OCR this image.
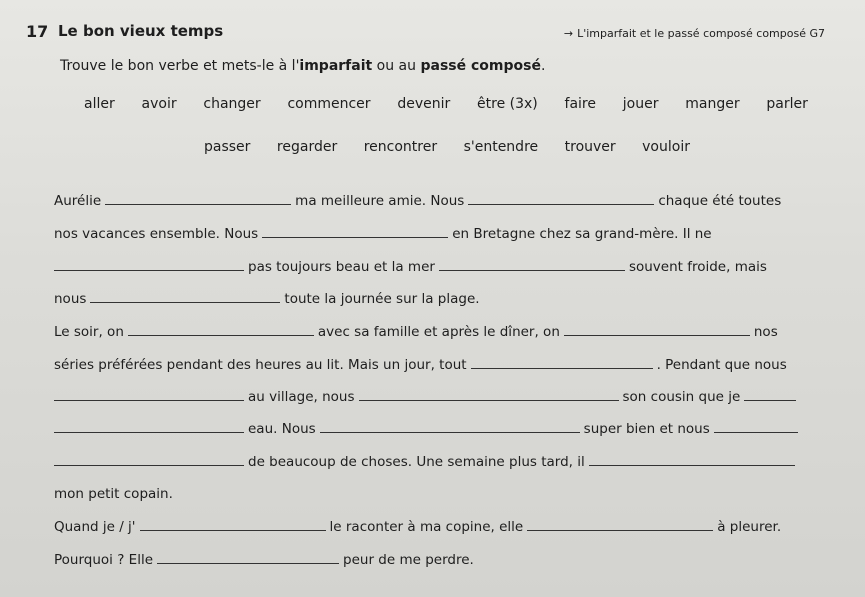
17 Le bon vieux temps	→ L'imparfait et le passé composé composé G7
Trouve le bon verbe et mets-le à l'imparfait ou au passé composé.
aller avoir changer commencer devenir être (3x) faire jouer manger parler
passer regarder rencontrer s'entendre trouver vouloir
Aurélie	ma meilleure amie. Nous	chaque été toutes
nos vacances ensemble. Nous	en Bretagne chez sa grand-mère. Il ne
pas toujours beau et la mer	souvent froide, mais
nous	toute la journée sur la plage.
Le soir, on	avec sa famille et après le dîner, on	nos
séries préférées pendant des heures au lit. Mais un jour, tout	. Pendant que nous
au village, nous	son cousin que je
eau. Nous	super bien et nous
de beaucoup de choses. Une semaine plus tard, il
mon petit copain.
Quand je / j'	le raconter à ma copine, elle	à pleurer.
Pourquoi ? Elle	peur de me perdre.
